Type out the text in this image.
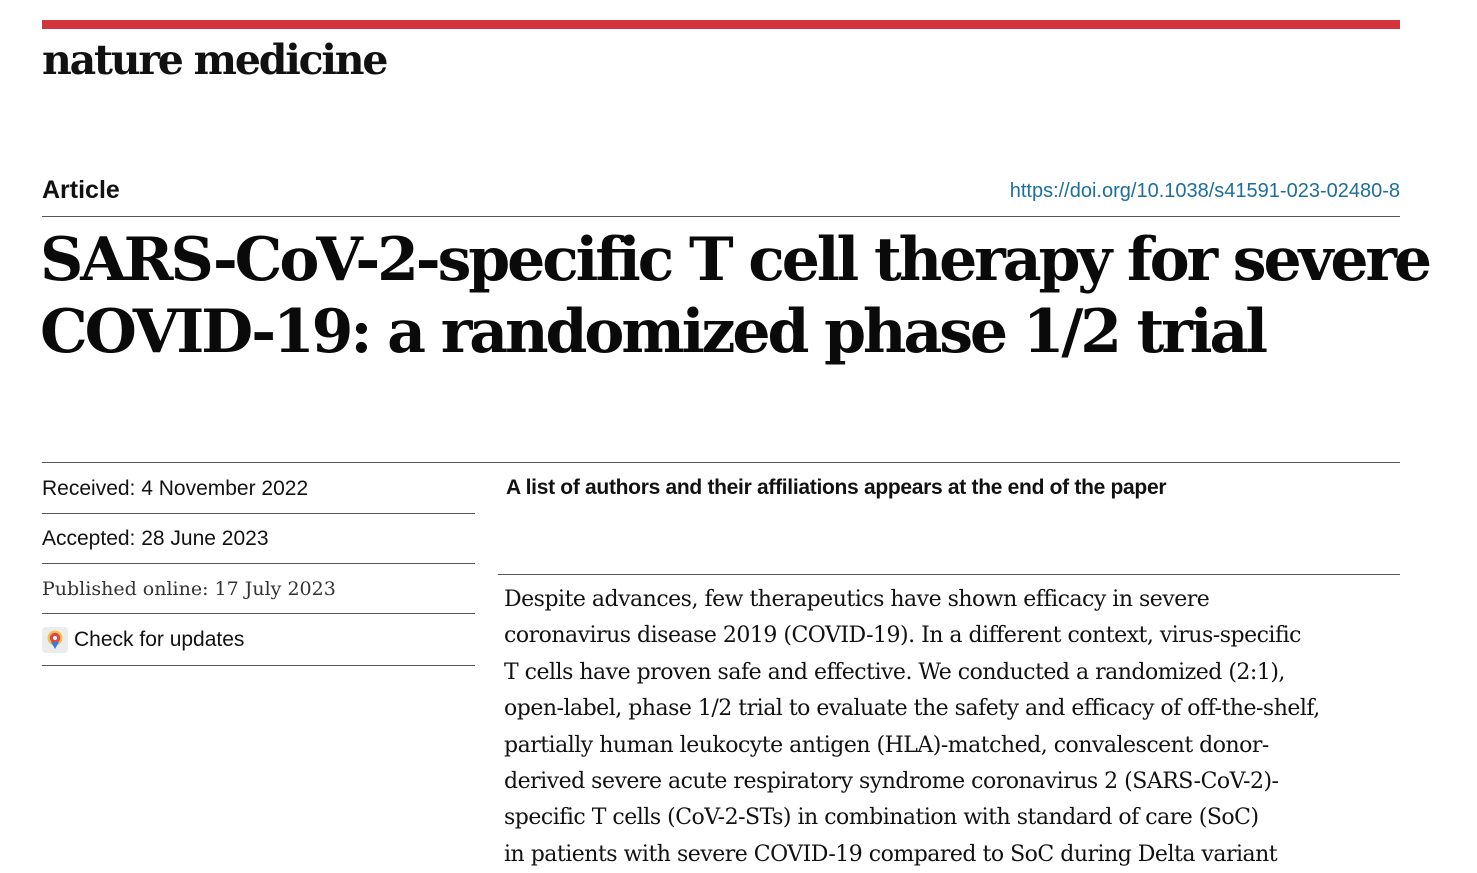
nature medicine
Article	https://doi.org/10.1038/s41591-023-02480-8
SARS-CoV-2-specific T cell therapy for severe
COVID-19: a randomized phase 1/2 trial
Received: 4 November 2022
Accepted: 28 June 2023
Published online: 17 July 2023
Check for updates
A list of authors and their affiliations appears at the end of the paper
Despite advances, few therapeutics have shown efficacy in severe
coronavirus disease 2019 (COVID-19). In a different context, virus-specific
T cells have proven safe and effective. We conducted a randomized (2:1),
open-label, phase 1/2 trial to evaluate the safety and efficacy of off-the-shelf,
partially human leukocyte antigen (HLA)-matched, convalescent donor-
derived severe acute respiratory syndrome coronavirus 2 (SARS-CoV-2)-
specific T cells (CoV-2-STs) in combination with standard of care (SoC)
in patients with severe COVID-19 compared to SoC during Delta variant
